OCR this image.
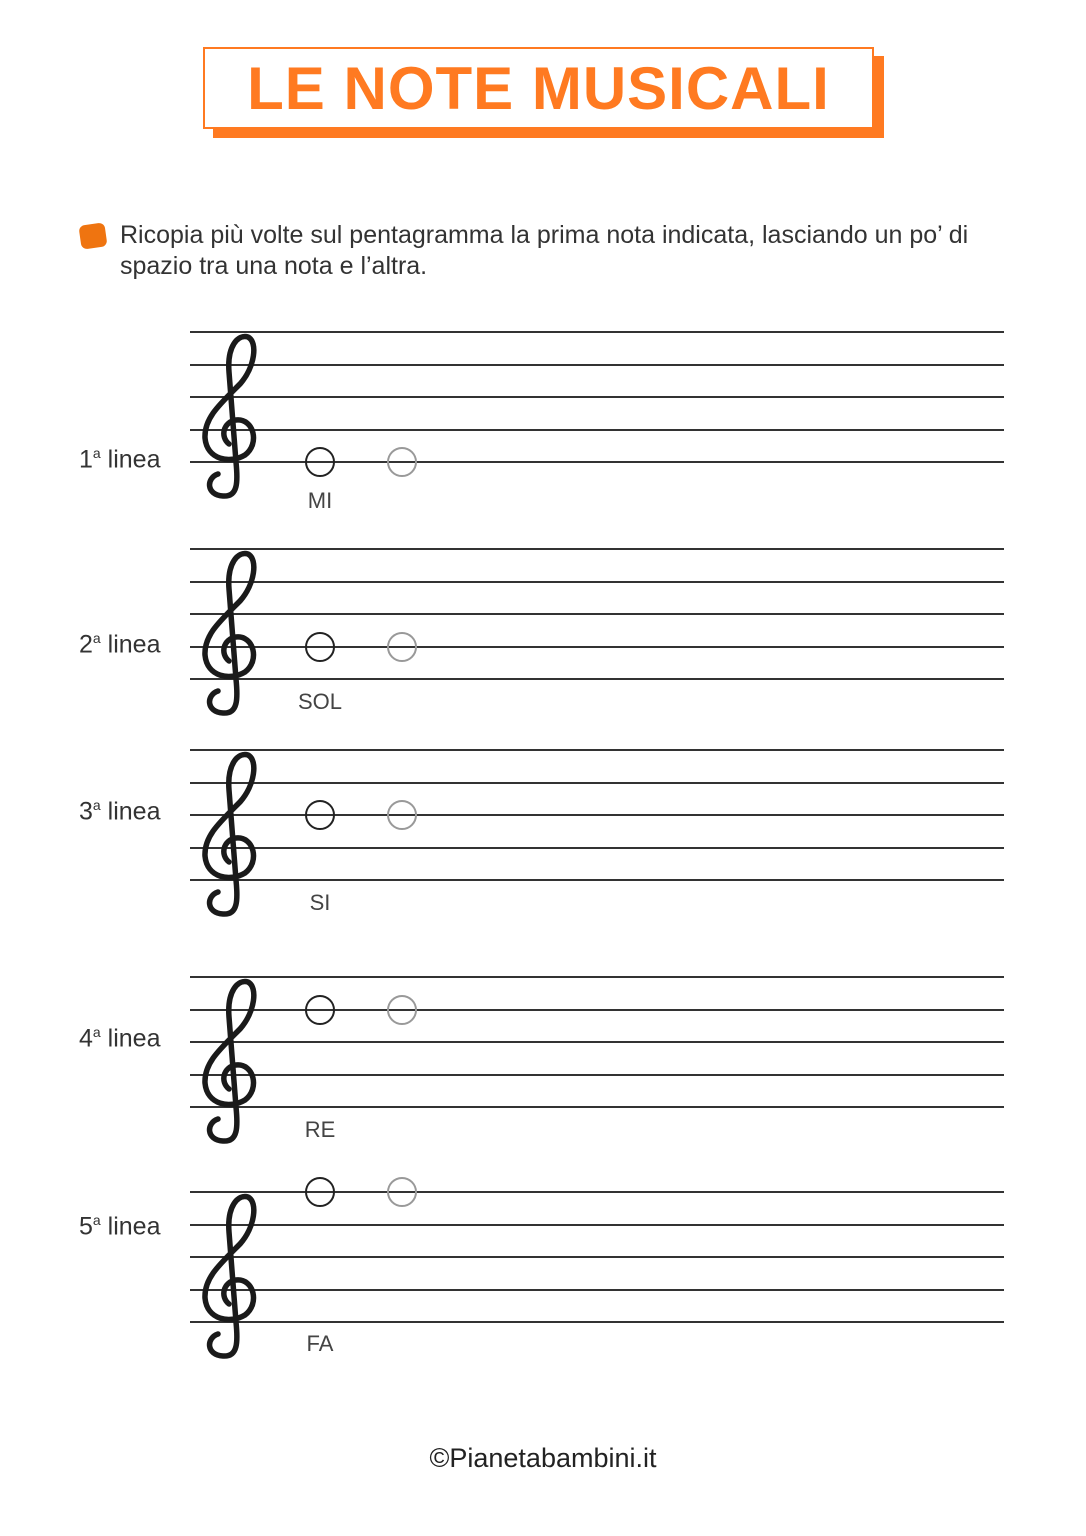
LE NOTE MUSICALI
Ricopia più volte sul pentagramma la prima nota indicata, lasciando un po’ di spazio tra una nota e l’altra.
1$^a$ linea
MI
2$^a$ linea
SOL
3$^a$ linea
SI
4$^a$ linea
RE
5$^a$ linea
FA
©Pianetabambini.it
